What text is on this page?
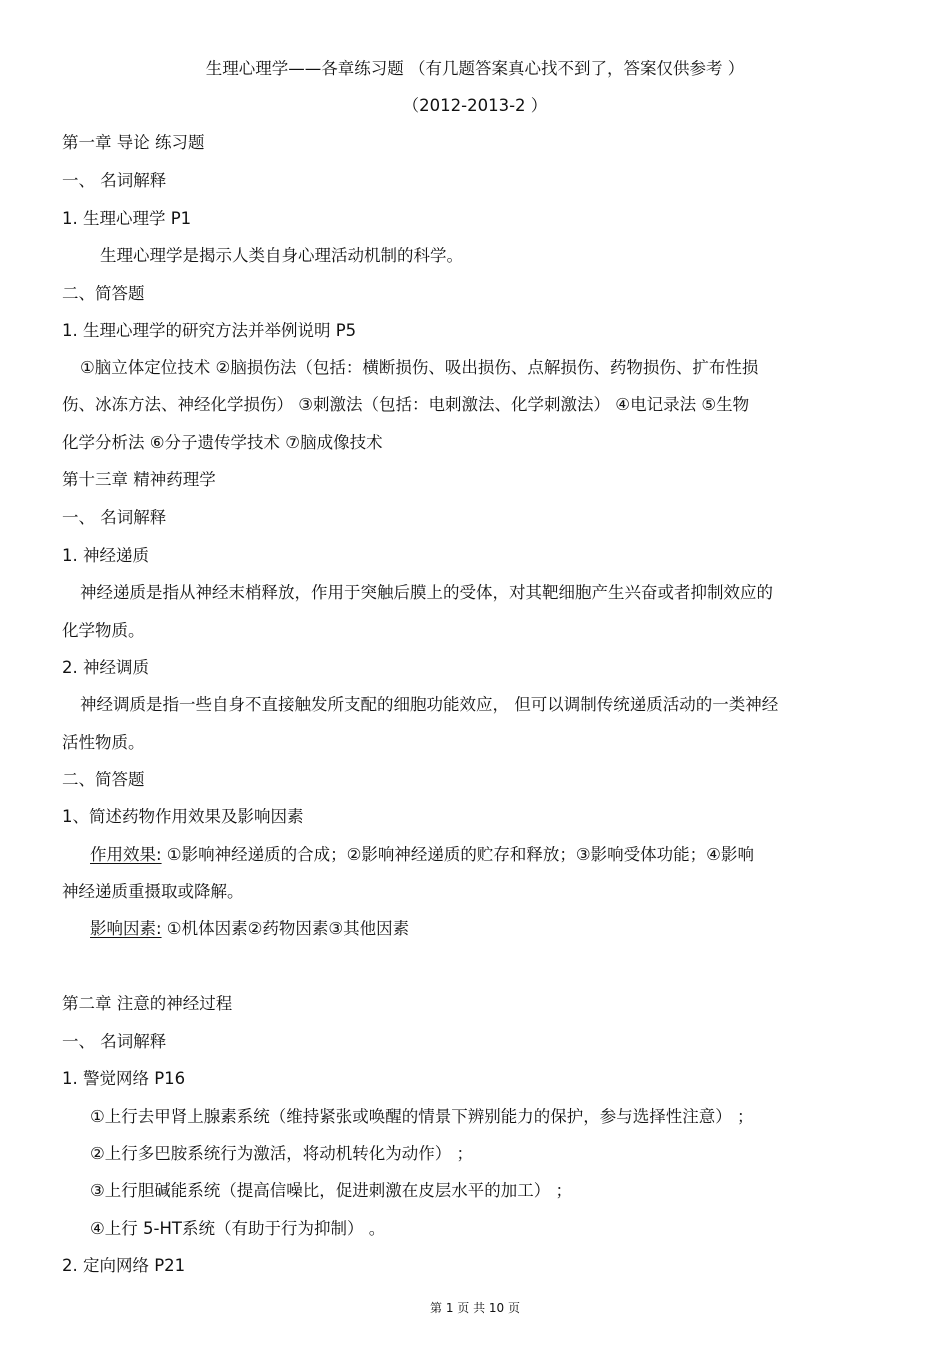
生理心理学——各章练习题 （有几题答案真心找不到了，答案仅供参考 ）
（2012-2013-2 ）
第一章 导论 练习题
一、 名词解释
1. 生理心理学 P1
生理心理学是揭示人类自身心理活动机制的科学。
二、简答题
1. 生理心理学的研究方法并举例说明 P5
①脑立体定位技术 ②脑损伤法（包括：横断损伤、吸出损伤、点解损伤、药物损伤、扩布性损
伤、冰冻方法、神经化学损伤） ③刺激法（包括：电刺激法、化学刺激法） ④电记录法 ⑤生物
化学分析法 ⑥分子遗传学技术 ⑦脑成像技术
第十三章 精神药理学
一、 名词解释
1. 神经递质
神经递质是指从神经末梢释放，作用于突触后膜上的受体，对其靶细胞产生兴奋或者抑制效应的
化学物质。
2. 神经调质
神经调质是指一些自身不直接触发所支配的细胞功能效应， 但可以调制传统递质活动的一类神经
活性物质。
二、简答题
1、简述药物作用效果及影响因素
作用效果: ①影响神经递质的合成；②影响神经递质的贮存和释放；③影响受体功能；④影响
神经递质重摄取或降解。
影响因素: ①机体因素②药物因素③其他因素
第二章 注意的神经过程
一、 名词解释
1. 警觉网络 P16
①上行去甲肾上腺素系统（维持紧张或唤醒的情景下辨别能力的保护，参与选择性注意） ；
②上行多巴胺系统行为激活，将动机转化为动作） ；
③上行胆碱能系统（提高信噪比，促进刺激在皮层水平的加工） ；
④上行 5-HT系统（有助于行为抑制） 。
2. 定向网络 P21
第 1 页 共 10 页
